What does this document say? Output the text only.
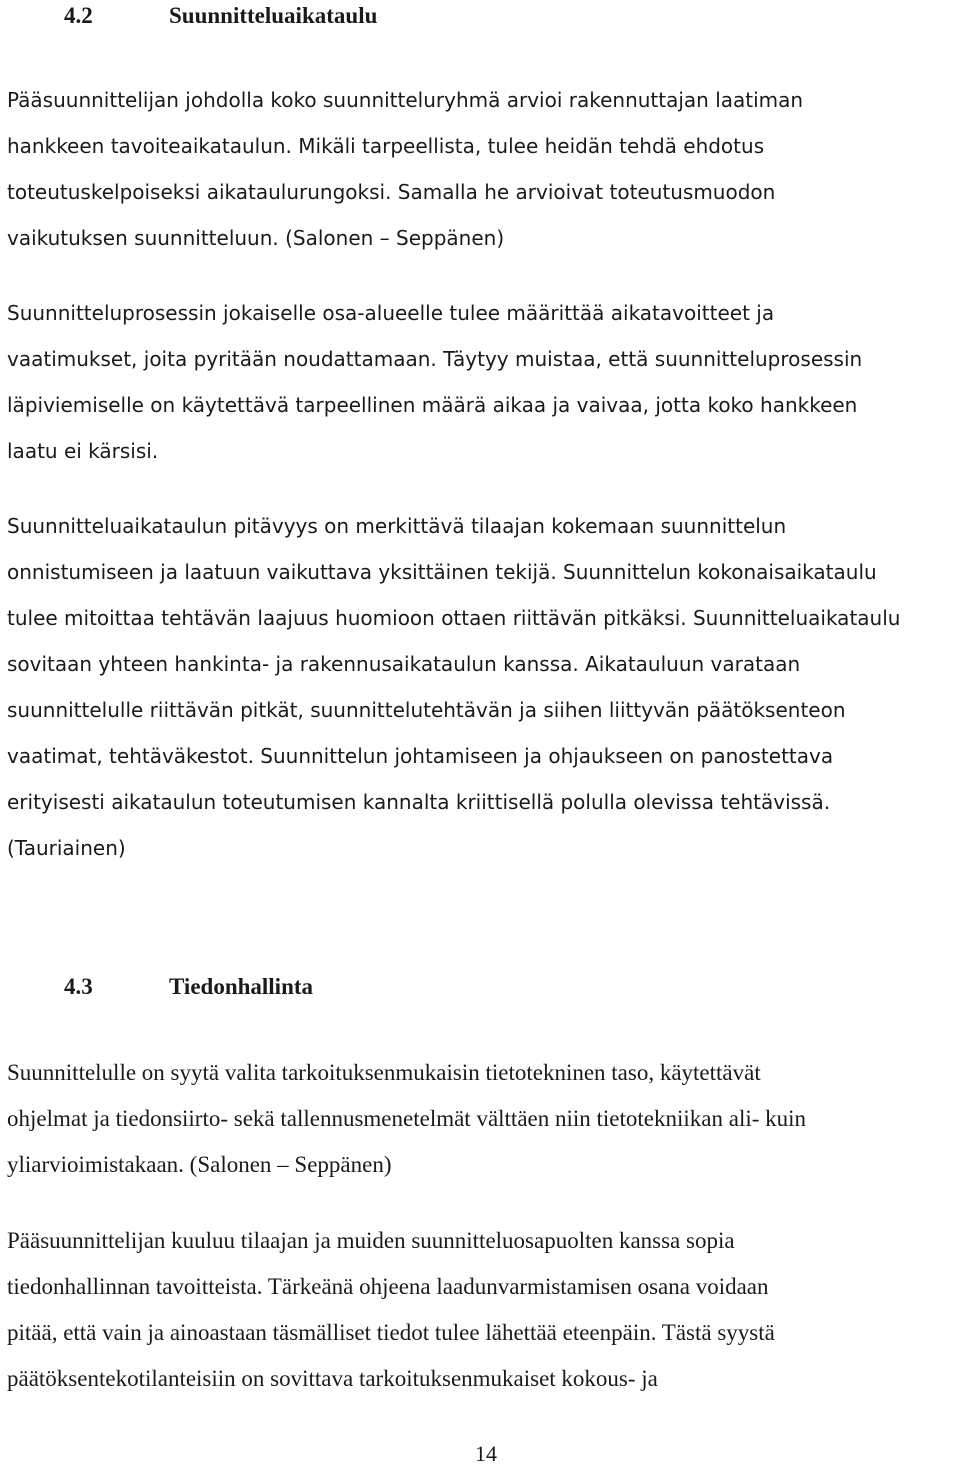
4.2	Suunnitteluaikataulu
Pääsuunnittelijan johdolla koko suunnitteluryhmä arvioi rakennuttajan laatiman
hankkeen tavoiteaikataulun. Mikäli tarpeellista, tulee heidän tehdä ehdotus
toteutuskelpoiseksi aikataulurungoksi. Samalla he arvioivat toteutusmuodon
vaikutuksen suunnitteluun. (Salonen – Seppänen)
Suunnitteluprosessin jokaiselle osa-alueelle tulee määrittää aikatavoitteet ja
vaatimukset, joita pyritään noudattamaan. Täytyy muistaa, että suunnitteluprosessin
läpiviemiselle on käytettävä tarpeellinen määrä aikaa ja vaivaa, jotta koko hankkeen
laatu ei kärsisi.
Suunnitteluaikataulun pitävyys on merkittävä tilaajan kokemaan suunnittelun
onnistumiseen ja laatuun vaikuttava yksittäinen tekijä. Suunnittelun kokonaisaikataulu
tulee mitoittaa tehtävän laajuus huomioon ottaen riittävän pitkäksi. Suunnitteluaikataulu
sovitaan yhteen hankinta- ja rakennusaikataulun kanssa. Aikatauluun varataan
suunnittelulle riittävän pitkät, suunnittelutehtävän ja siihen liittyvän päätöksenteon
vaatimat, tehtäväkestot. Suunnittelun johtamiseen ja ohjaukseen on panostettava
erityisesti aikataulun toteutumisen kannalta kriittisellä polulla olevissa tehtävissä.
(Tauriainen)
4.3	Tiedonhallinta
Suunnittelulle on syytä valita tarkoituksenmukaisin tietotekninen taso, käytettävät
ohjelmat ja tiedonsiirto- sekä tallennusmenetelmät välttäen niin tietotekniikan ali- kuin
yliarvioimistakaan. (Salonen – Seppänen)
Pääsuunnittelijan kuuluu tilaajan ja muiden suunnitteluosapuolten kanssa sopia
tiedonhallinnan tavoitteista. Tärkeänä ohjeena laadunvarmistamisen osana voidaan
pitää, että vain ja ainoastaan täsmälliset tiedot tulee lähettää eteenpäin. Tästä syystä
päätöksentekotilanteisiin on sovittava tarkoituksenmukaiset kokous- ja
14
